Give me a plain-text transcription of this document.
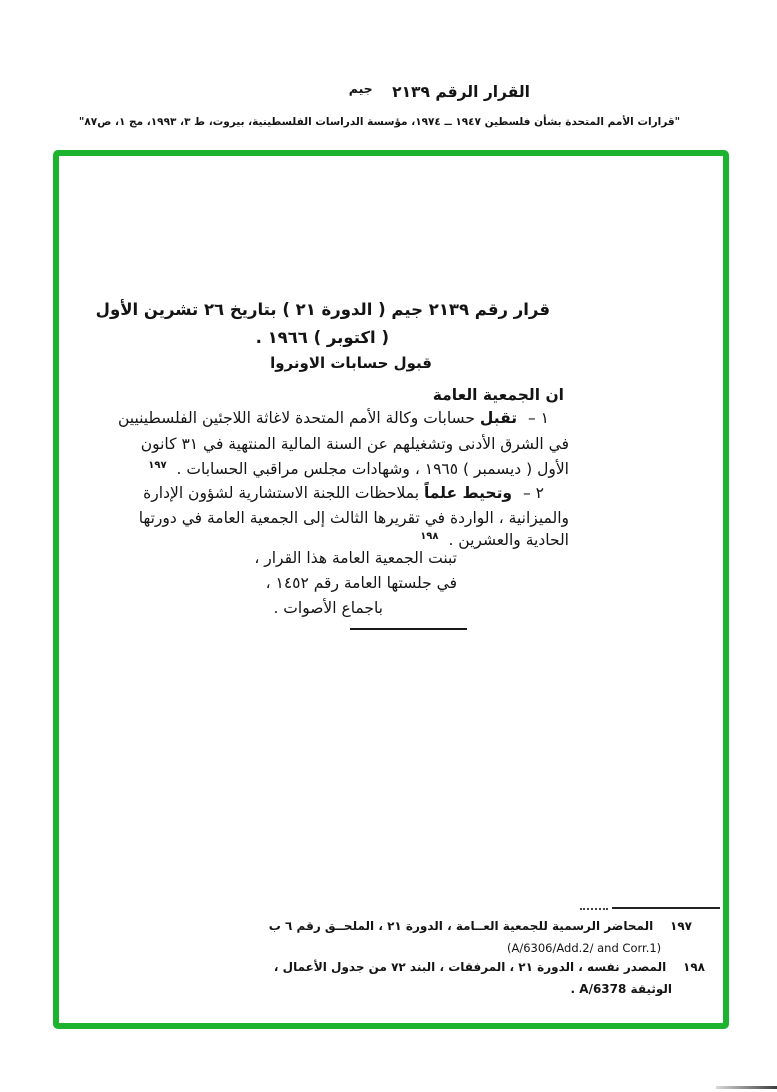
القرار الرقم ٢١٣٩ جيم
"قرارات الأمم المتحدة بشأن فلسطين ١٩٤٧ ــ ١٩٧٤، مؤسسة الدراسات الفلسطينية، بيروت، ط ٣، ١٩٩٣، مج ١، ص٨٧"
قرار رقم ٢١٣٩ جيم ( الدورة ٢١ ) بتاريخ ٢٦ تشرين الأول
( اكتوبر ) ١٩٦٦ .
قبول حسابات الاونروا
ان الجمعية العامة
١ – تقبل حسابات وكالة الأمم المتحدة لاغاثة اللاجئين الفلسطينيين
في الشرق الأدنى وتشغيلهم عن السنة المالية المنتهية في ٣١ كانون
الأول ( ديسمبر ) ١٩٦٥ ، وشهادات مجلس مراقبي الحسابات . $^{١٩٧}$
٢ – وتحيط علماً بملاحظات اللجنة الاستشارية لشؤون الإدارة
والميزانية ، الواردة في تقريرها الثالث إلى الجمعية العامة في دورتها
الحادية والعشرين . $^{١٩٨}$
تبنت الجمعية العامة هذا القرار ،
في جلستها العامة رقم ١٤٥٢ ،
باجماع الأصوات .
١٩٧ المحاضر الرسمية للجمعية العــامة ، الدورة ٢١ ، الملحــق رقم ٦ ب
(A/6306/Add.2/ and Corr.1)
١٩٨ المصدر نفسه ، الدورة ٢١ ، المرفقات ، البند ٧٢ من جدول الأعمال ،
الوثيقة A/6378 .
